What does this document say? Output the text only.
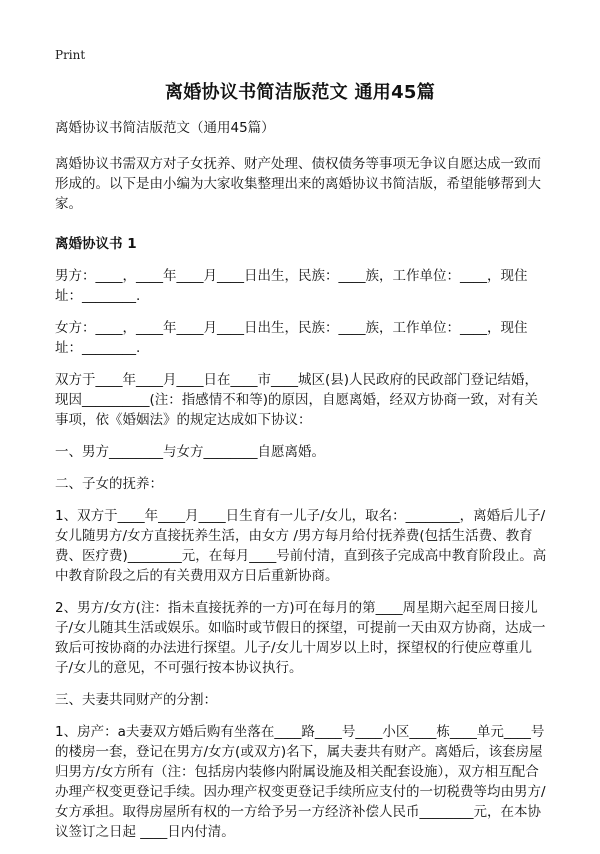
Print
离婚协议书简洁版范文 通用45篇

离婚协议书简洁版范文（通用45篇）

离婚协议书需双方对子女抚养、财产处理、债权债务等事项无争议自愿达成一致而形成的。以下是由小编为大家收集整理出来的离婚协议书简洁版，希望能够帮到大家。

离婚协议书 1

男方：____，____年____月____日出生，民族：____族，工作单位：____，现住址：________.

女方：____，____年____月____日出生，民族：____族，工作单位：____，现住址：________.

双方于____年____月____日在____市____城区(县)人民政府的民政部门登记结婚，现因__________(注：指感情不和等)的原因，自愿离婚，经双方协商一致，对有关事项，依《婚姻法》的规定达成如下协议：

一、男方________与女方________自愿离婚。

二、子女的抚养：

1、双方于____年____月____日生育有一儿子/女儿，取名：________，离婚后儿子/女儿随男方/女方直接抚养生活，由女方 /男方每月给付抚养费(包括生活费、教育费、医疗费)________元，在每月____号前付清，直到孩子完成高中教育阶段止。高中教育阶段之后的有关费用双方日后重新协商。

2、男方/女方(注：指未直接抚养的一方)可在每月的第____周星期六起至周日接儿子/女儿随其生活或娱乐。如临时或节假日的探望，可提前一天由双方协商，达成一致后可按协商的办法进行探望。儿子/女儿十周岁以上时，探望权的行使应尊重儿子/女儿的意见，不可强行按本协议执行。

三、夫妻共同财产的分割：

1、房产：a夫妻双方婚后购有坐落在____路____号____小区____栋____单元____号的楼房一套，登记在男方/女方(或双方)名下，属夫妻共有财产。离婚后，该套房屋归男方/女方所有（注：包括房内装修内附属设施及相关配套设施），双方相互配合办理产权变更登记手续。因办理产权变更登记手续所应支付的一切税费等均由男方/女方承担。取得房屋所有权的一方给予另一方经济补偿人民币________元，在本协议签订之日起 ____日内付清。
